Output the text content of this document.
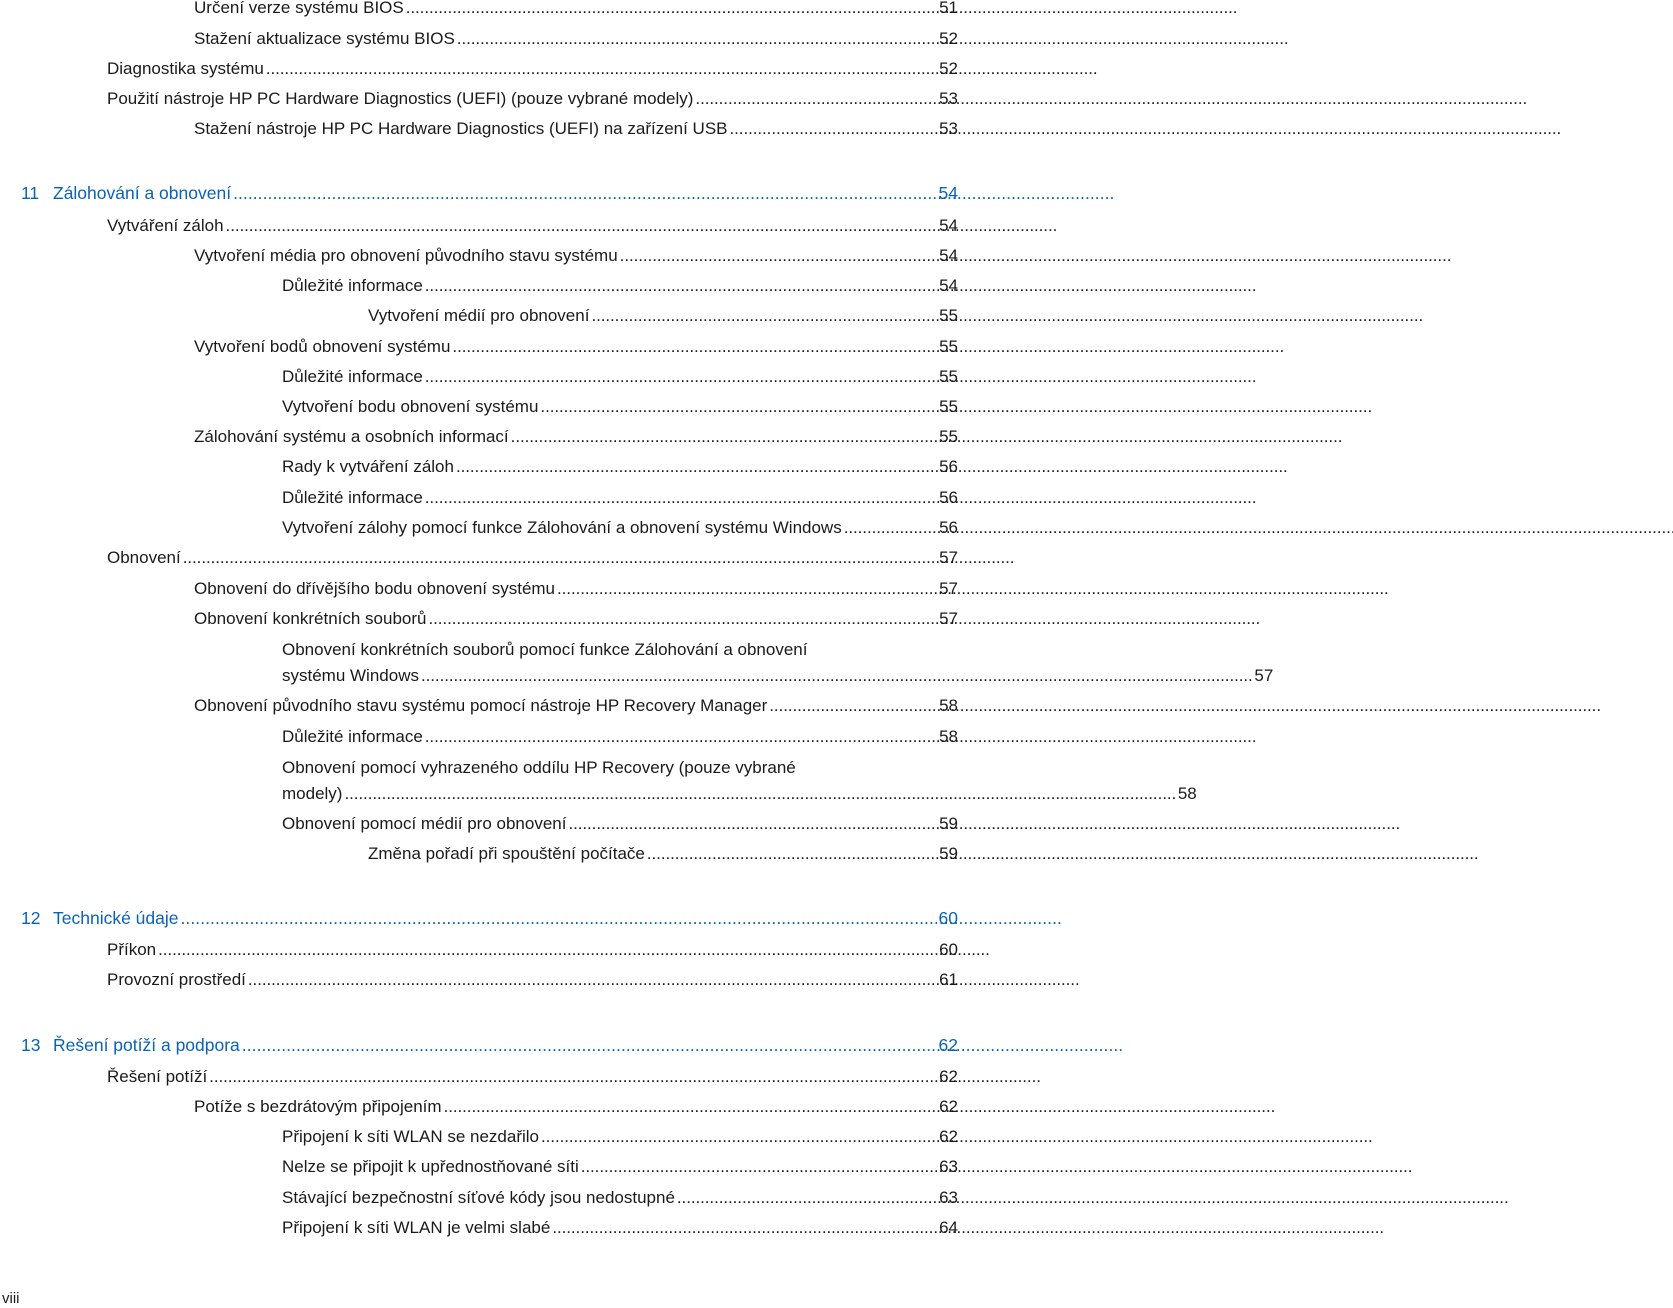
Určení verze systému BIOS . . .	51
Stažení aktualizace systému BIOS . . .	52
Diagnostika systému . . .	52
Použití nástroje HP PC Hardware Diagnostics (UEFI) (pouze vybrané modely) . . .	53
Stažení nástroje HP PC Hardware Diagnostics (UEFI) na zařízení USB . . .	53
11 Zálohování a obnovení . . .	54
Vytváření záloh . . .	54
Vytvoření média pro obnovení původního stavu systému . . .	54
Důležité informace . . .	54
Vytvoření médií pro obnovení . . .	55
Vytvoření bodů obnovení systému . . .	55
Důležité informace . . .	55
Vytvoření bodu obnovení systému . . .	55
Zálohování systému a osobních informací . . .	55
Rady k vytváření záloh . . .	56
Důležité informace . . .	56
Vytvoření zálohy pomocí funkce Zálohování a obnovení systému Windows . . .	56
Obnovení . . .	57
Obnovení do dřívějšího bodu obnovení systému . . .	57
Obnovení konkrétních souborů . . .	57
Obnovení konkrétních souborů pomocí funkce Zálohování a obnovení
systému Windows . . .	57
Obnovení původního stavu systému pomocí nástroje HP Recovery Manager . . .	58
Důležité informace . . .	58
Obnovení pomocí vyhrazeného oddílu HP Recovery (pouze vybrané
modely) . . .	58
Obnovení pomocí médií pro obnovení . . .	59
Změna pořadí při spouštění počítače . . .	59
12 Technické údaje . . .	60
Příkon . . .	60
Provozní prostředí . . .	61
13 Řešení potíží a podpora . . .	62
Řešení potíží . . .	62
Potíže s bezdrátovým připojením . . .	62
Připojení k síti WLAN se nezdařilo . . .	62
Nelze se připojit k upřednostňované síti . . .	63
Stávající bezpečnostní síťové kódy jsou nedostupné . . .	63
Připojení k síti WLAN je velmi slabé . . .	64
viii
